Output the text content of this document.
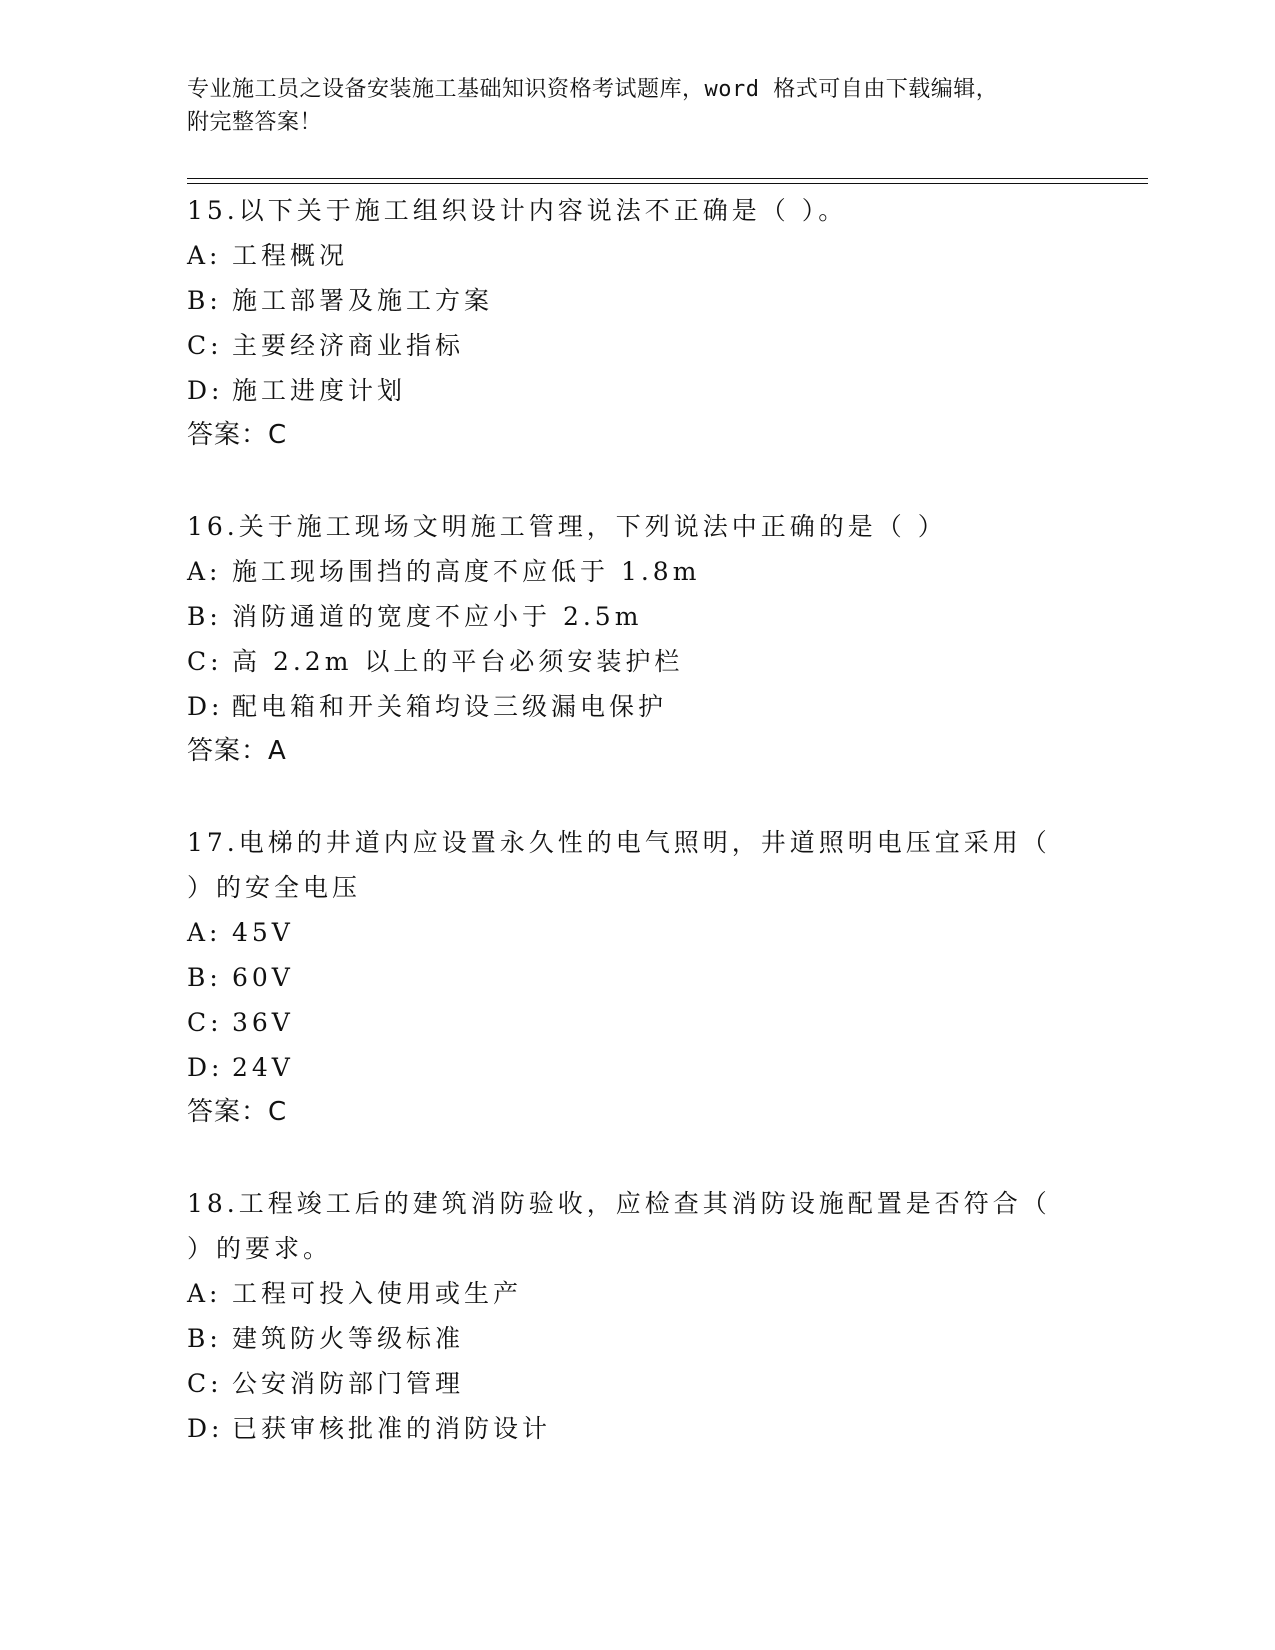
专业施工员之设备安装施工基础知识资格考试题库，word 格式可自由下载编辑，
附完整答案！
15.以下关于施工组织设计内容说法不正确是（ ）。
A: 工程概况
B: 施工部署及施工方案
C: 主要经济商业指标
D: 施工进度计划
答案：C
16.关于施工现场文明施工管理，下列说法中正确的是（ ）
A: 施工现场围挡的高度不应低于 1.8m
B: 消防通道的宽度不应小于 2.5m
C: 高 2.2m 以上的平台必须安装护栏
D: 配电箱和开关箱均设三级漏电保护
答案：A
17.电梯的井道内应设置永久性的电气照明，井道照明电压宜采用（ ）的安全电压
A: 45V
B: 60V
C: 36V
D: 24V
答案：C
18.工程竣工后的建筑消防验收，应检查其消防设施配置是否符合（ ）的要求。
A: 工程可投入使用或生产
B: 建筑防火等级标准
C: 公安消防部门管理
D: 已获审核批准的消防设计
